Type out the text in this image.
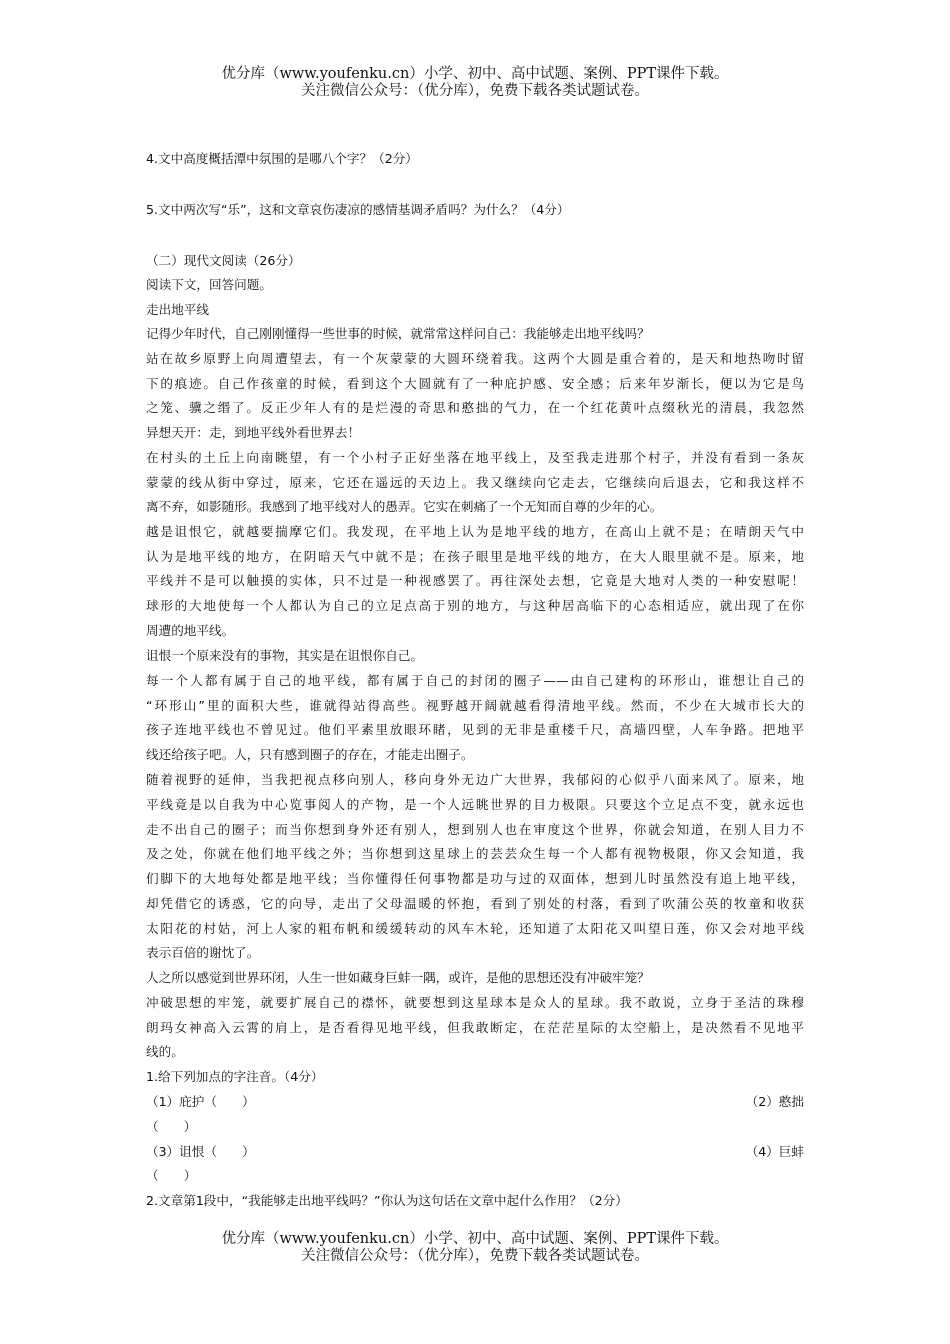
优分库（www.youfenku.cn）小学、初中、高中试题、案例、PPT课件下载。
关注微信公众号：（优分库），免费下载各类试题试卷。
4.文中高度概括潭中氛围的是哪八个字？（2分）
5.文中两次写“乐”，这和文章哀伤凄凉的感情基调矛盾吗？为什么？（4分）
（二）现代文阅读（26分）
阅读下文，回答问题。
走出地平线
记得少年时代，自己刚刚懂得一些世事的时候，就常常这样问自己：我能够走出地平线吗？
站在故乡原野上向周遭望去，有一个灰蒙蒙的大圆环绕着我。这两个大圆是重合着的，是天和地热吻时留
下的痕迹。自己作孩童的时候，看到这个大圆就有了一种庇护感、安全感；后来年岁渐长，便以为它是鸟
之笼、骥之缗了。反正少年人有的是烂漫的奇思和憨拙的气力，在一个红花黄叶点缀秋光的清晨，我忽然
异想天开：走，到地平线外看世界去！
在村头的土丘上向南眺望，有一个小村子正好坐落在地平线上，及至我走进那个村子，并没有看到一条灰
蒙蒙的线从街中穿过，原来，它还在遥远的天边上。我又继续向它走去，它继续向后退去，它和我这样不
离不弃，如影随形。我感到了地平线对人的愚弄。它实在刺痛了一个无知而自尊的少年的心。
越是诅恨它，就越要揣摩它们。我发现，在平地上认为是地平线的地方，在高山上就不是；在晴朗天气中
认为是地平线的地方，在阴暗天气中就不是；在孩子眼里是地平线的地方，在大人眼里就不是。原来，地
平线并不是可以触摸的实体，只不过是一种视感罢了。再往深处去想，它竟是大地对人类的一种安慰呢！
球形的大地使每一个人都认为自己的立足点高于别的地方，与这种居高临下的心态相适应，就出现了在你
周遭的地平线。
诅恨一个原来没有的事物，其实是在诅恨你自己。
每一个人都有属于自己的地平线，都有属于自己的封闭的圈子——由自己建构的环形山，谁想让自己的
“环形山”里的面积大些，谁就得站得高些。视野越开阔就越看得清地平线。然而，不少在大城市长大的
孩子连地平线也不曾见过。他们平素里放眼环睹，见到的无非是重楼千尺，高墙四壁，人车争路。把地平
线还给孩子吧。人，只有感到圈子的存在，才能走出圈子。
随着视野的延伸，当我把视点移向别人，移向身外无边广大世界，我郁闷的心似乎八面来风了。原来，地
平线竟是以自我为中心览事阅人的产物，是一个人远眺世界的目力极限。只要这个立足点不变，就永远也
走不出自己的圈子；而当你想到身外还有别人，想到别人也在审度这个世界，你就会知道，在别人目力不
及之处，你就在他们地平线之外；当你想到这星球上的芸芸众生每一个人都有视物极限，你又会知道，我
们脚下的大地每处都是地平线；当你懂得任何事物都是功与过的双面体，想到儿时虽然没有追上地平线，
却凭借它的诱惑，它的向导，走出了父母温暖的怀抱，看到了别处的村落，看到了吹蒲公英的牧童和收获
太阳花的村姑，河上人家的粗布帆和缓缓转动的风车木轮，还知道了太阳花又叫望日莲，你又会对地平线
表示百倍的谢忱了。
人之所以感觉到世界环闭，人生一世如藏身巨蚌一隅，或许，是他的思想还没有冲破牢笼？
冲破思想的牢笼，就要扩展自己的襟怀，就要想到这星球本是众人的星球。我不敢说，立身于圣洁的珠穆
朗玛女神高入云霄的肩上，是否看得见地平线，但我敢断定，在茫茫星际的太空船上，是决然看不见地平
线的。
1.给下列加点的字注音。（4分）
（1）庇护（　　）	（2）憨拙
（　　）
（3）诅恨（　　）	（4）巨蚌
（　　）
2.文章第1段中，“我能够走出地平线吗？”你认为这句话在文章中起什么作用？（2分）
优分库（www.youfenku.cn）小学、初中、高中试题、案例、PPT课件下载。
关注微信公众号：（优分库），免费下载各类试题试卷。
